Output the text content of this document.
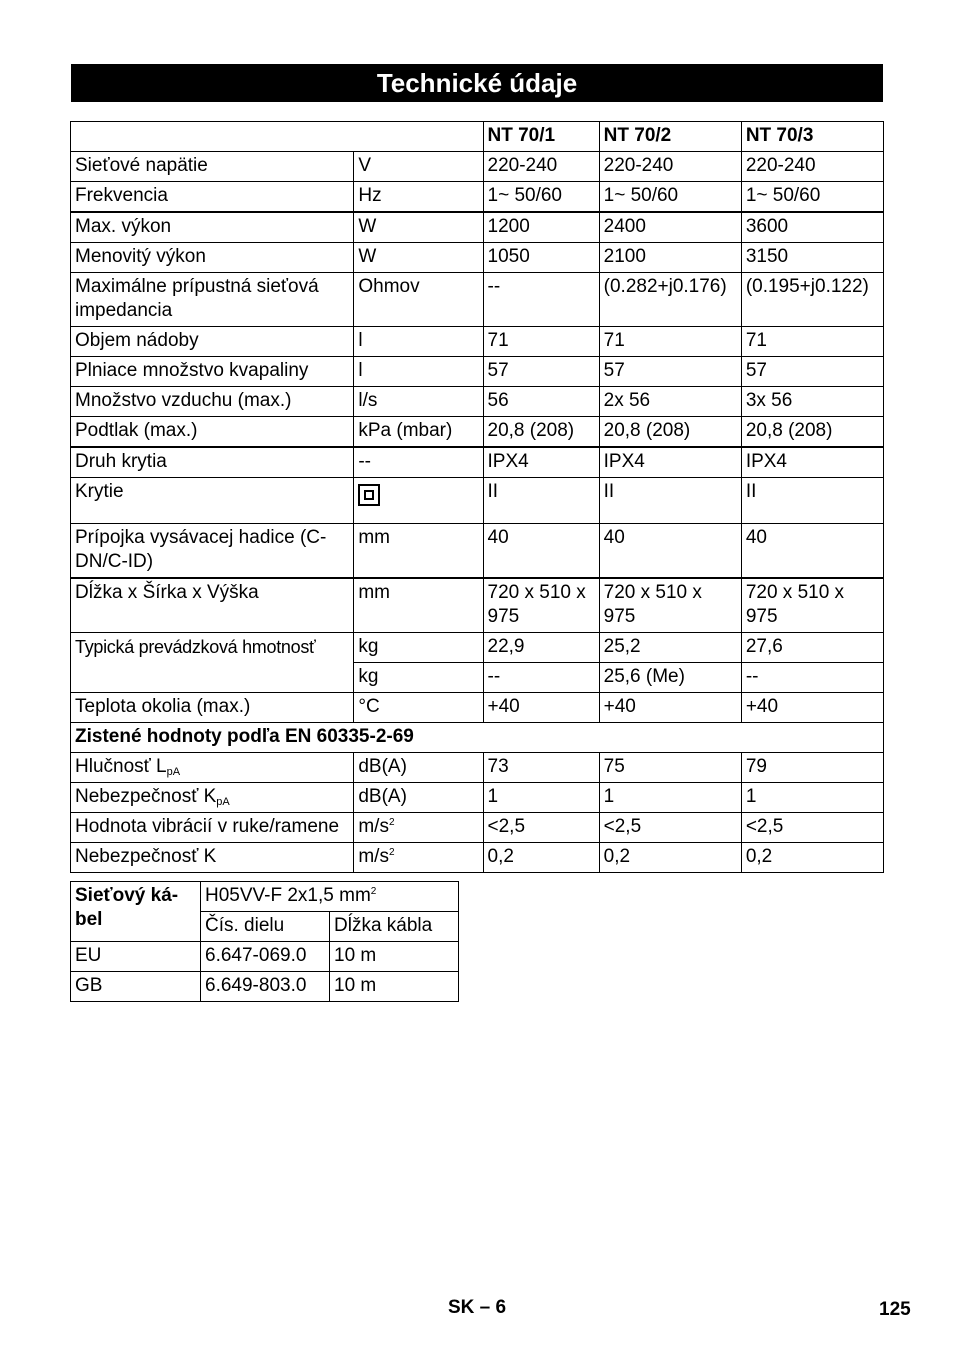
Technické údaje
		NT 70/1	NT 70/2	NT 70/3
Sieťové napätie	V	220-240	220-240	220-240
Frekvencia	Hz	1~ 50/60	1~ 50/60	1~ 50/60
Max. výkon	W	1200	2400	3600
Menovitý výkon	W	1050	2100	3150
Maximálne prípustná sieťová impedancia	Ohmov	--	(0.282+j0.176)	(0.195+j0.122)
Objem nádoby	l	71	71	71
Plniace množstvo kvapaliny	l	57	57	57
Množstvo vzduchu (max.)	l/s	56	2x 56	3x 56
Podtlak (max.)	kPa (mbar)	20,8 (208)	20,8 (208)	20,8 (208)
Druh krytia	--	IPX4	IPX4	IPX4
Krytie		II	II	II
Prípojka vysávacej hadice (C-DN/C-ID)	mm	40	40	40
Dĺžka x Šírka x Výška	mm	720 x 510 x 975	720 x 510 x 975	720 x 510 x 975
Typická prevádzková hmotnosť	kg	22,9	25,2	27,6
	kg	--	25,6 (Me)	--
Teplota okolia (max.)	°C	+40	+40	+40
Zistené hodnoty podľa EN 60335-2-69				
Hlučnosť $L_{pA}$	dB(A)	73	75	79
Nebezpečnosť $K_{pA}$	dB(A)	1	1	1
Hodnota vibrácií v ruke/ramene	$m/s^2$	<2,5	<2,5	<2,5
Nebezpečnosť K	$m/s^2$	0,2	0,2	0,2
Sieťový ká-
bel	H05VV-F 2x1,5 $mm^2$
	Čís. dielu	Dĺžka kábla
EU	6.647-069.0	10 m
GB	6.649-803.0	10 m
SK – 6	125
